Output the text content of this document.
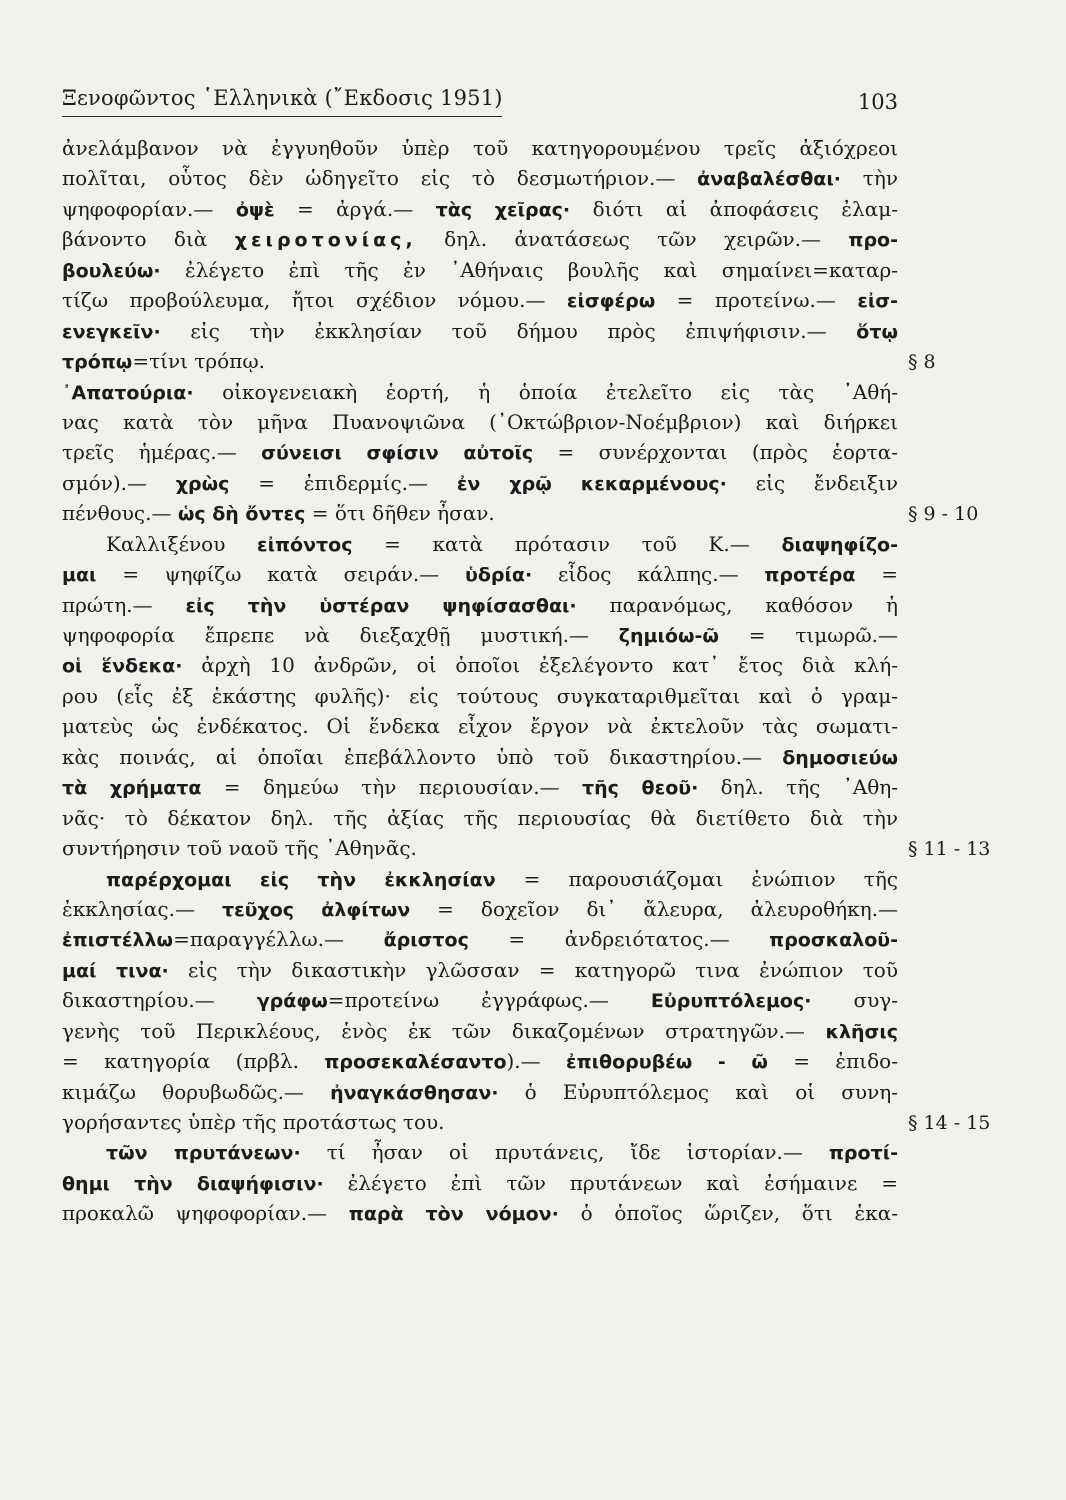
Ξενοφῶντος ῾Ελληνικὰ (῎Εκδοσις 1951)	103
ἀνελάμβανον νὰ ἐγγυηθοῦν ὑπὲρ τοῦ κατηγορουμένου τρεῖς ἀξιόχρεοι
πολῖται, οὗτος δὲν ὡδηγεῖτο εἰς τὸ δεσμωτήριον.— ἀναβαλέσθαι· τὴν
ψηφοφορίαν.— ὀψὲ = ἀργά.— τὰς χεῖρας· διότι αἱ ἀποφάσεις ἐλαμ-
βάνοντο διὰ χειροτονίας, δηλ. ἀνατάσεως τῶν χειρῶν.— προ-
βουλεύω· ἐλέγετο ἐπὶ τῆς ἐν ᾿Αθήναις βουλῆς καὶ σημαίνει=καταρ-
τίζω προβούλευμα, ἤτοι σχέδιον νόμου.— εἰσφέρω = προτείνω.— εἰσ-
ενεγκεῖν· εἰς τὴν ἐκκλησίαν τοῦ δήμου πρὸς ἐπιψήφισιν.— ὅτῳ
τρόπῳ=τίνι τρόπῳ.
᾿Απατούρια· οἰκογενειακὴ ἑορτή, ἡ ὁποία ἐτελεῖτο εἰς τὰς ᾿Αθή-
νας κατὰ τὸν μῆνα Πυανοψιῶνα (᾿Οκτώβριον-Νοέμβριον) καὶ διήρκει
τρεῖς ἡμέρας.— σύνεισι σφίσιν αὐτοῖς = συνέρχονται (πρὸς ἑορτα-
σμόν).— χρὼς = ἐπιδερμίς.— ἐν χρῷ κεκαρμένους· εἰς ἔνδειξιν
πένθους.— ὡς δὴ ὄντες = ὅτι δῆθεν ἦσαν.
Καλλιξένου εἰπόντος = κατὰ πρότασιν τοῦ Κ.— διαψηφίζο-
μαι = ψηφίζω κατὰ σειράν.— ὑδρία· εἶδος κάλπης.— προτέρα =
πρώτη.— εἰς τὴν ὑστέραν ψηφίσασθαι· παρανόμως, καθόσον ἡ
ψηφοφορία ἔπρεπε νὰ διεξαχθῇ μυστική.— ζημιόω-ῶ = τιμωρῶ.—
οἱ ἕνδεκα· ἀρχὴ 10 ἀνδρῶν, οἱ ὁποῖοι ἐξελέγοντο κατ᾿ ἔτος διὰ κλή-
ρου (εἷς ἐξ ἑκάστης φυλῆς)· εἰς τούτους συγκαταριθμεῖται καὶ ὁ γραμ-
ματεὺς ὡς ἑνδέκατος. Οἱ ἕνδεκα εἶχον ἔργον νὰ ἐκτελοῦν τὰς σωματι-
κὰς ποινάς, αἱ ὁποῖαι ἐπεβάλλοντο ὑπὸ τοῦ δικαστηρίου.— δημοσιεύω
τὰ χρήματα = δημεύω τὴν περιουσίαν.— τῆς θεοῦ· δηλ. τῆς ᾿Αθη-
νᾶς· τὸ δέκατον δηλ. τῆς ἀξίας τῆς περιουσίας θὰ διετίθετο διὰ τὴν
συντήρησιν τοῦ ναοῦ τῆς ᾿Αθηνᾶς.
παρέρχομαι εἰς τὴν ἐκκλησίαν = παρουσιάζομαι ἐνώπιον τῆς
ἐκκλησίας.— τεῦχος ἀλφίτων = δοχεῖον δι᾿ ἄλευρα, ἀλευροθήκη.—
ἐπιστέλλω=παραγγέλλω.— ἄριστος = ἀνδρειότατος.— προσκαλοῦ-
μαί τινα· εἰς τὴν δικαστικὴν γλῶσσαν = κατηγορῶ τινα ἐνώπιον τοῦ
δικαστηρίου.— γράφω=προτείνω ἐγγράφως.— Εὐρυπτόλεμος· συγ-
γενὴς τοῦ Περικλέους, ἑνὸς ἐκ τῶν δικαζομένων στρατηγῶν.— κλῆσις
= κατηγορία (πρβλ. προσεκαλέσαντο).— ἐπιθορυβέω - ῶ = ἐπιδο-
κιμάζω θορυβωδῶς.— ἠναγκάσθησαν· ὁ Εὐρυπτόλεμος καὶ οἱ συνη-
γορήσαντες ὑπὲρ τῆς προτάστως του.
τῶν πρυτάνεων· τί ἦσαν οἱ πρυτάνεις, ἴδε ἱστορίαν.— προτί-
θημι τὴν διαψήφισιν· ἐλέγετο ἐπὶ τῶν πρυτάνεων καὶ ἐσήμαινε =
προκαλῶ ψηφοφορίαν.— παρὰ τὸν νόμον· ὁ ὁποῖος ὥριζεν, ὅτι ἑκα-
§ 8
§ 9 - 10
§ 11 - 13
§ 14 - 15
